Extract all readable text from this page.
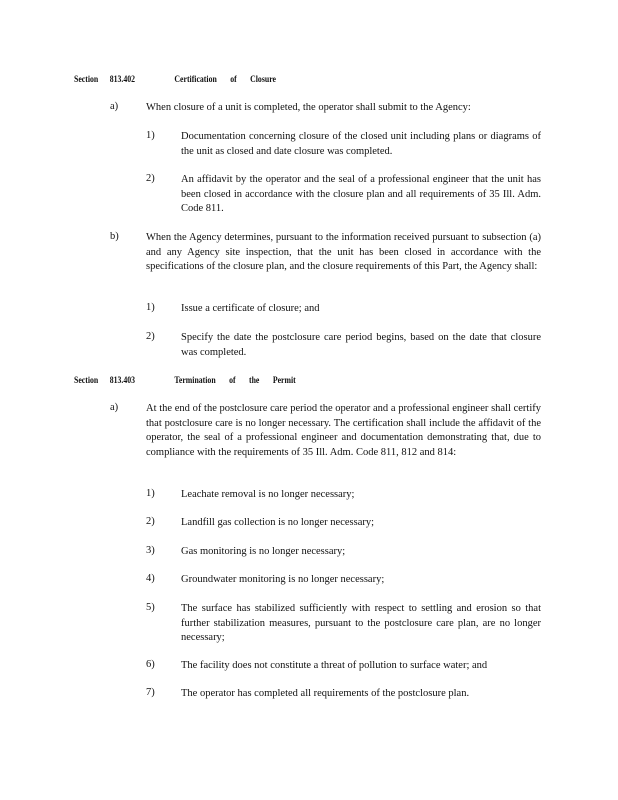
Section 813.402	Certification of Closure
a)	When closure of a unit is completed, the operator shall submit to the Agency:
1)	Documentation concerning closure of the closed unit including plans or diagrams of the unit as closed and date closure was completed.
2)	An affidavit by the operator and the seal of a professional engineer that the unit has been closed in accordance with the closure plan and all requirements of 35 Ill. Adm. Code 811.
b)	When the Agency determines, pursuant to the information received pursuant to subsection (a) and any Agency site inspection, that the unit has been closed in accordance with the specifications of the closure plan, and the closure requirements of this Part, the Agency shall:
1)	Issue a certificate of closure; and
2)	Specify the date the postclosure care period begins, based on the date that closure was completed.
Section 813.403	Termination of the Permit
a)	At the end of the postclosure care period the operator and a professional engineer shall certify that postclosure care is no longer necessary. The certification shall include the affidavit of the operator, the seal of a professional engineer and documentation demonstrating that, due to compliance with the requirements of 35 Ill. Adm. Code 811, 812 and 814:
1)	Leachate removal is no longer necessary;
2)	Landfill gas collection is no longer necessary;
3)	Gas monitoring is no longer necessary;
4)	Groundwater monitoring is no longer necessary;
5)	The surface has stabilized sufficiently with respect to settling and erosion so that further stabilization measures, pursuant to the postclosure care plan, are no longer necessary;
6)	The facility does not constitute a threat of pollution to surface water; and
7)	The operator has completed all requirements of the postclosure plan.
